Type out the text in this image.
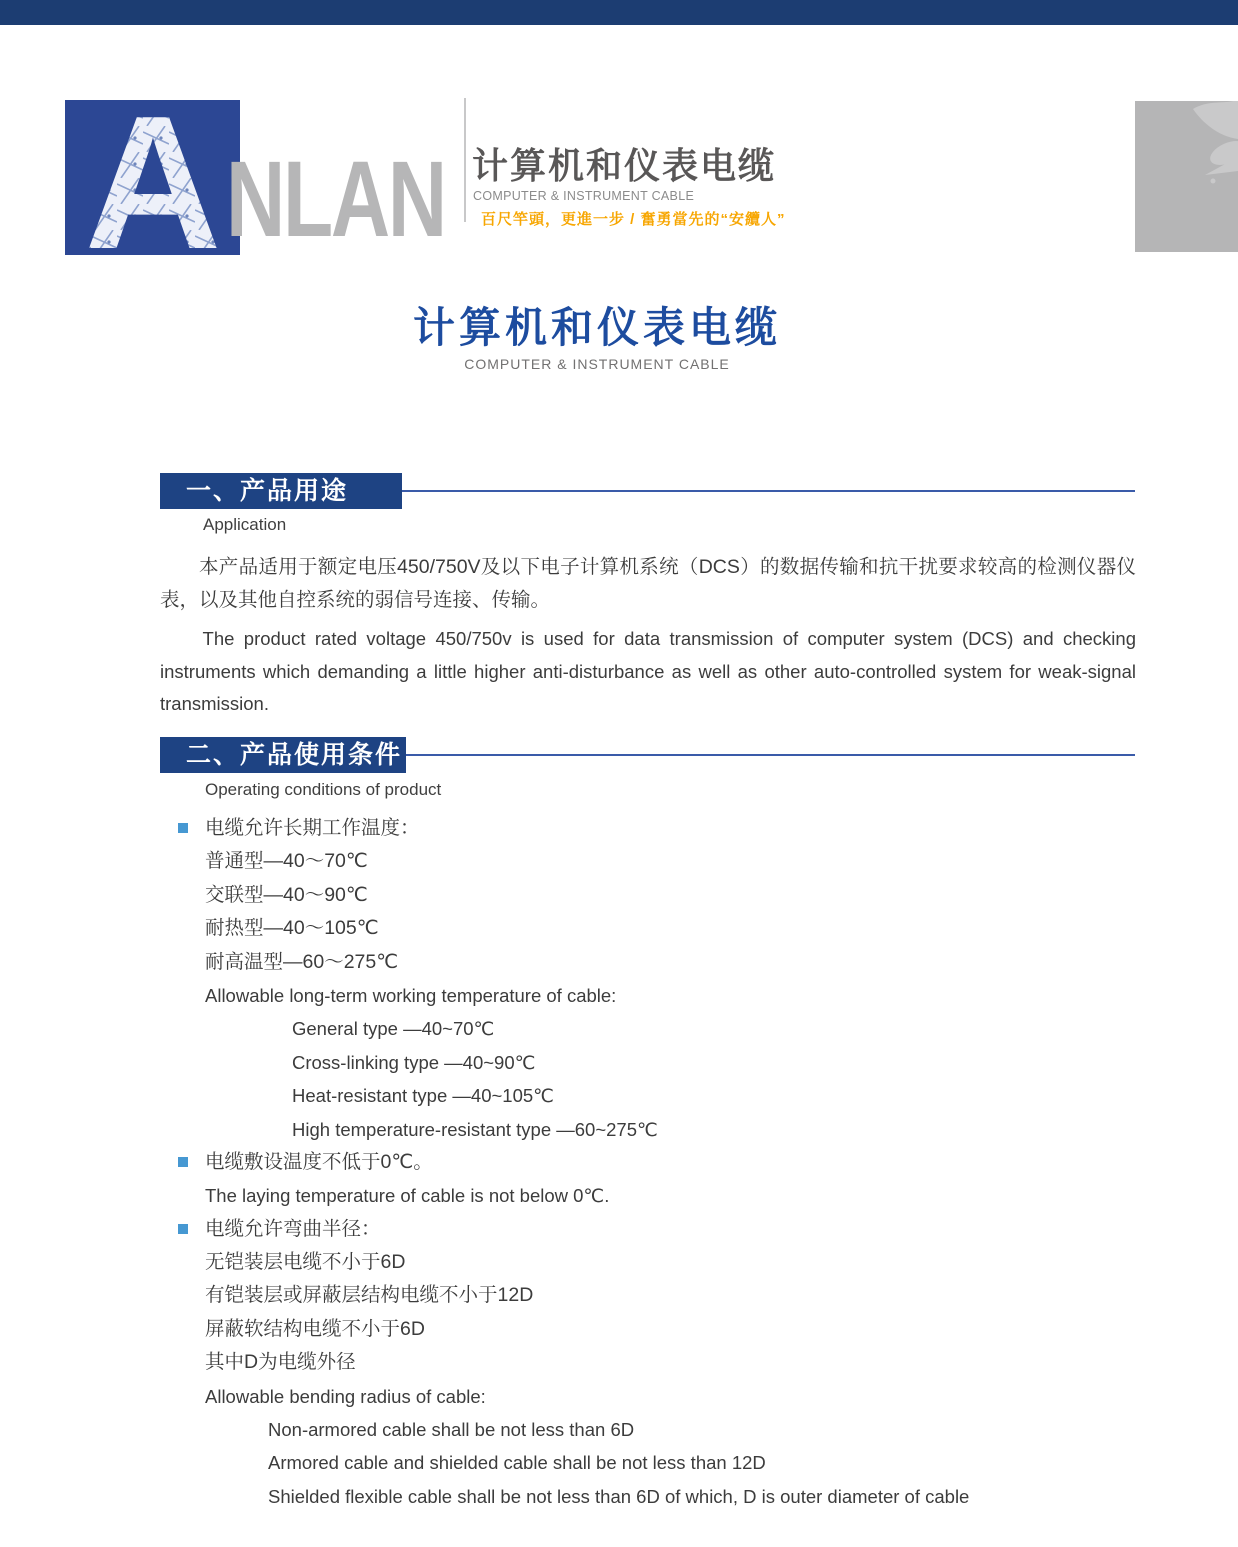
A NLAN 计算机和仪表电缆
COMPUTER & INSTRUMENT CABLE
百尺竿頭，更進一步 / 奮勇當先的“安纜人”
计算机和仪表电缆
COMPUTER & INSTRUMENT CABLE
一、产品用途
Application

本产品适用于额定电压450/750V及以下电子计算机系统（DCS）的数据传输和抗干扰要求较高的检测仪器仪表，以及其他自控系统的弱信号连接、传输。

The product rated voltage 450/750v is used for data transmission of computer system (DCS) and checking instruments which demanding a little higher anti-disturbance as well as other auto-controlled system for weak-signal transmission.

二、产品使用条件
Operating conditions of product
电缆允许长期工作温度：
普通型—40～70℃
交联型—40～90℃
耐热型—40～105℃
耐高温型—60～275℃
Allowable long-term working temperature of cable:
General type —40~70℃
Cross-linking type —40~90℃
Heat-resistant type —40~105℃
High temperature-resistant type —60~275℃
电缆敷设温度不低于0℃。
The laying temperature of cable is not below 0℃.
电缆允许弯曲半径：
无铠装层电缆不小于6D
有铠装层或屏蔽层结构电缆不小于12D
屏蔽软结构电缆不小于6D
其中D为电缆外径
Allowable bending radius of cable:
Non-armored cable shall be not less than 6D
Armored cable and shielded cable shall be not less than 12D
Shielded flexible cable shall be not less than 6D of which, D is outer diameter of cable
